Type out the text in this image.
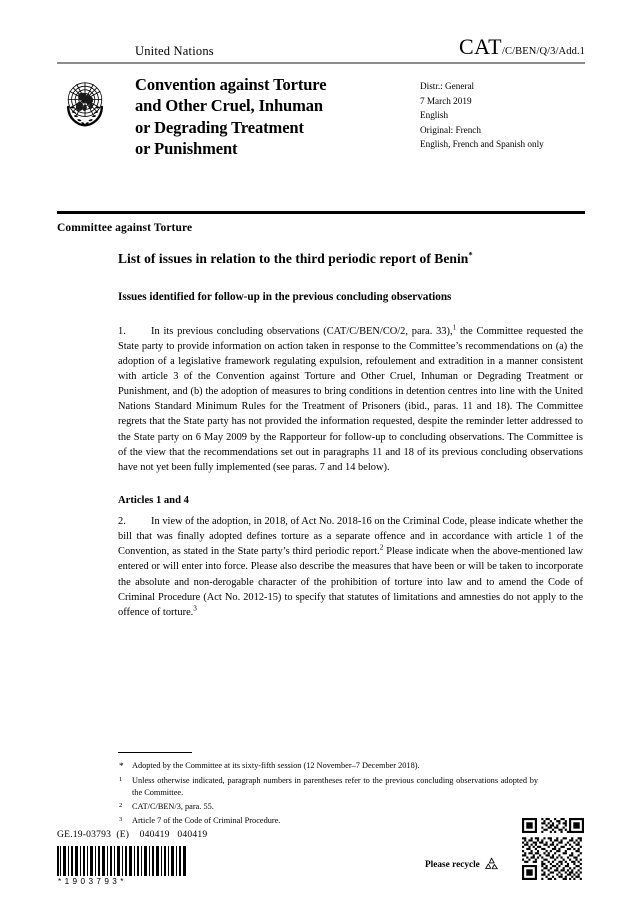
United Nations	CAT/C/BEN/Q/3/Add.1
Convention against Torture
and Other Cruel, Inhuman
or Degrading Treatment
or Punishment
Distr.: General
7 March 2019
English
Original: French
English, French and Spanish only
Committee against Torture
List of issues in relation to the third periodic report of Benin*
Issues identified for follow-up in the previous concluding observations

1. In its previous concluding observations (CAT/C/BEN/CO/2, para. 33),$^1$ the Committee requested the State party to provide information on action taken in response to the Committee’s recommendations on (a) the adoption of a legislative framework regulating expulsion, refoulement and extradition in a manner consistent with article 3 of the Convention against Torture and Other Cruel, Inhuman or Degrading Treatment or Punishment, and (b) the adoption of measures to bring conditions in detention centres into line with the United Nations Standard Minimum Rules for the Treatment of Prisoners (ibid., paras. 11 and 18). The Committee regrets that the State party has not provided the information requested, despite the reminder letter addressed to the State party on 6 May 2009 by the Rapporteur for follow-up to concluding observations. The Committee is of the view that the recommendations set out in paragraphs 11 and 18 of its previous concluding observations have not yet been fully implemented (see paras. 7 and 14 below).

Articles 1 and 4

2. In view of the adoption, in 2018, of Act No. 2018-16 on the Criminal Code, please indicate whether the bill that was finally adopted defines torture as a separate offence and in accordance with article 1 of the Convention, as stated in the State party’s third periodic report.$^2$ Please indicate when the above-mentioned law entered or will enter into force. Please also describe the measures that have been or will be taken to incorporate the absolute and non-derogable character of the prohibition of torture into law and to amend the Code of Criminal Procedure (Act No. 2012-15) to specify that statutes of limitations and amnesties do not apply to the offence of torture.$^3$

*	Adopted by the Committee at its sixty-fifth session (12 November–7 December 2018).
1	Unless otherwise indicated, paragraph numbers in parentheses refer to the previous concluding observations adopted by the Committee.
2	CAT/C/BEN/3, para. 55.
3	Article 7 of the Code of Criminal Procedure.
GE.19-03793  (E)    040419   040419
*1903793*
Please recycle
